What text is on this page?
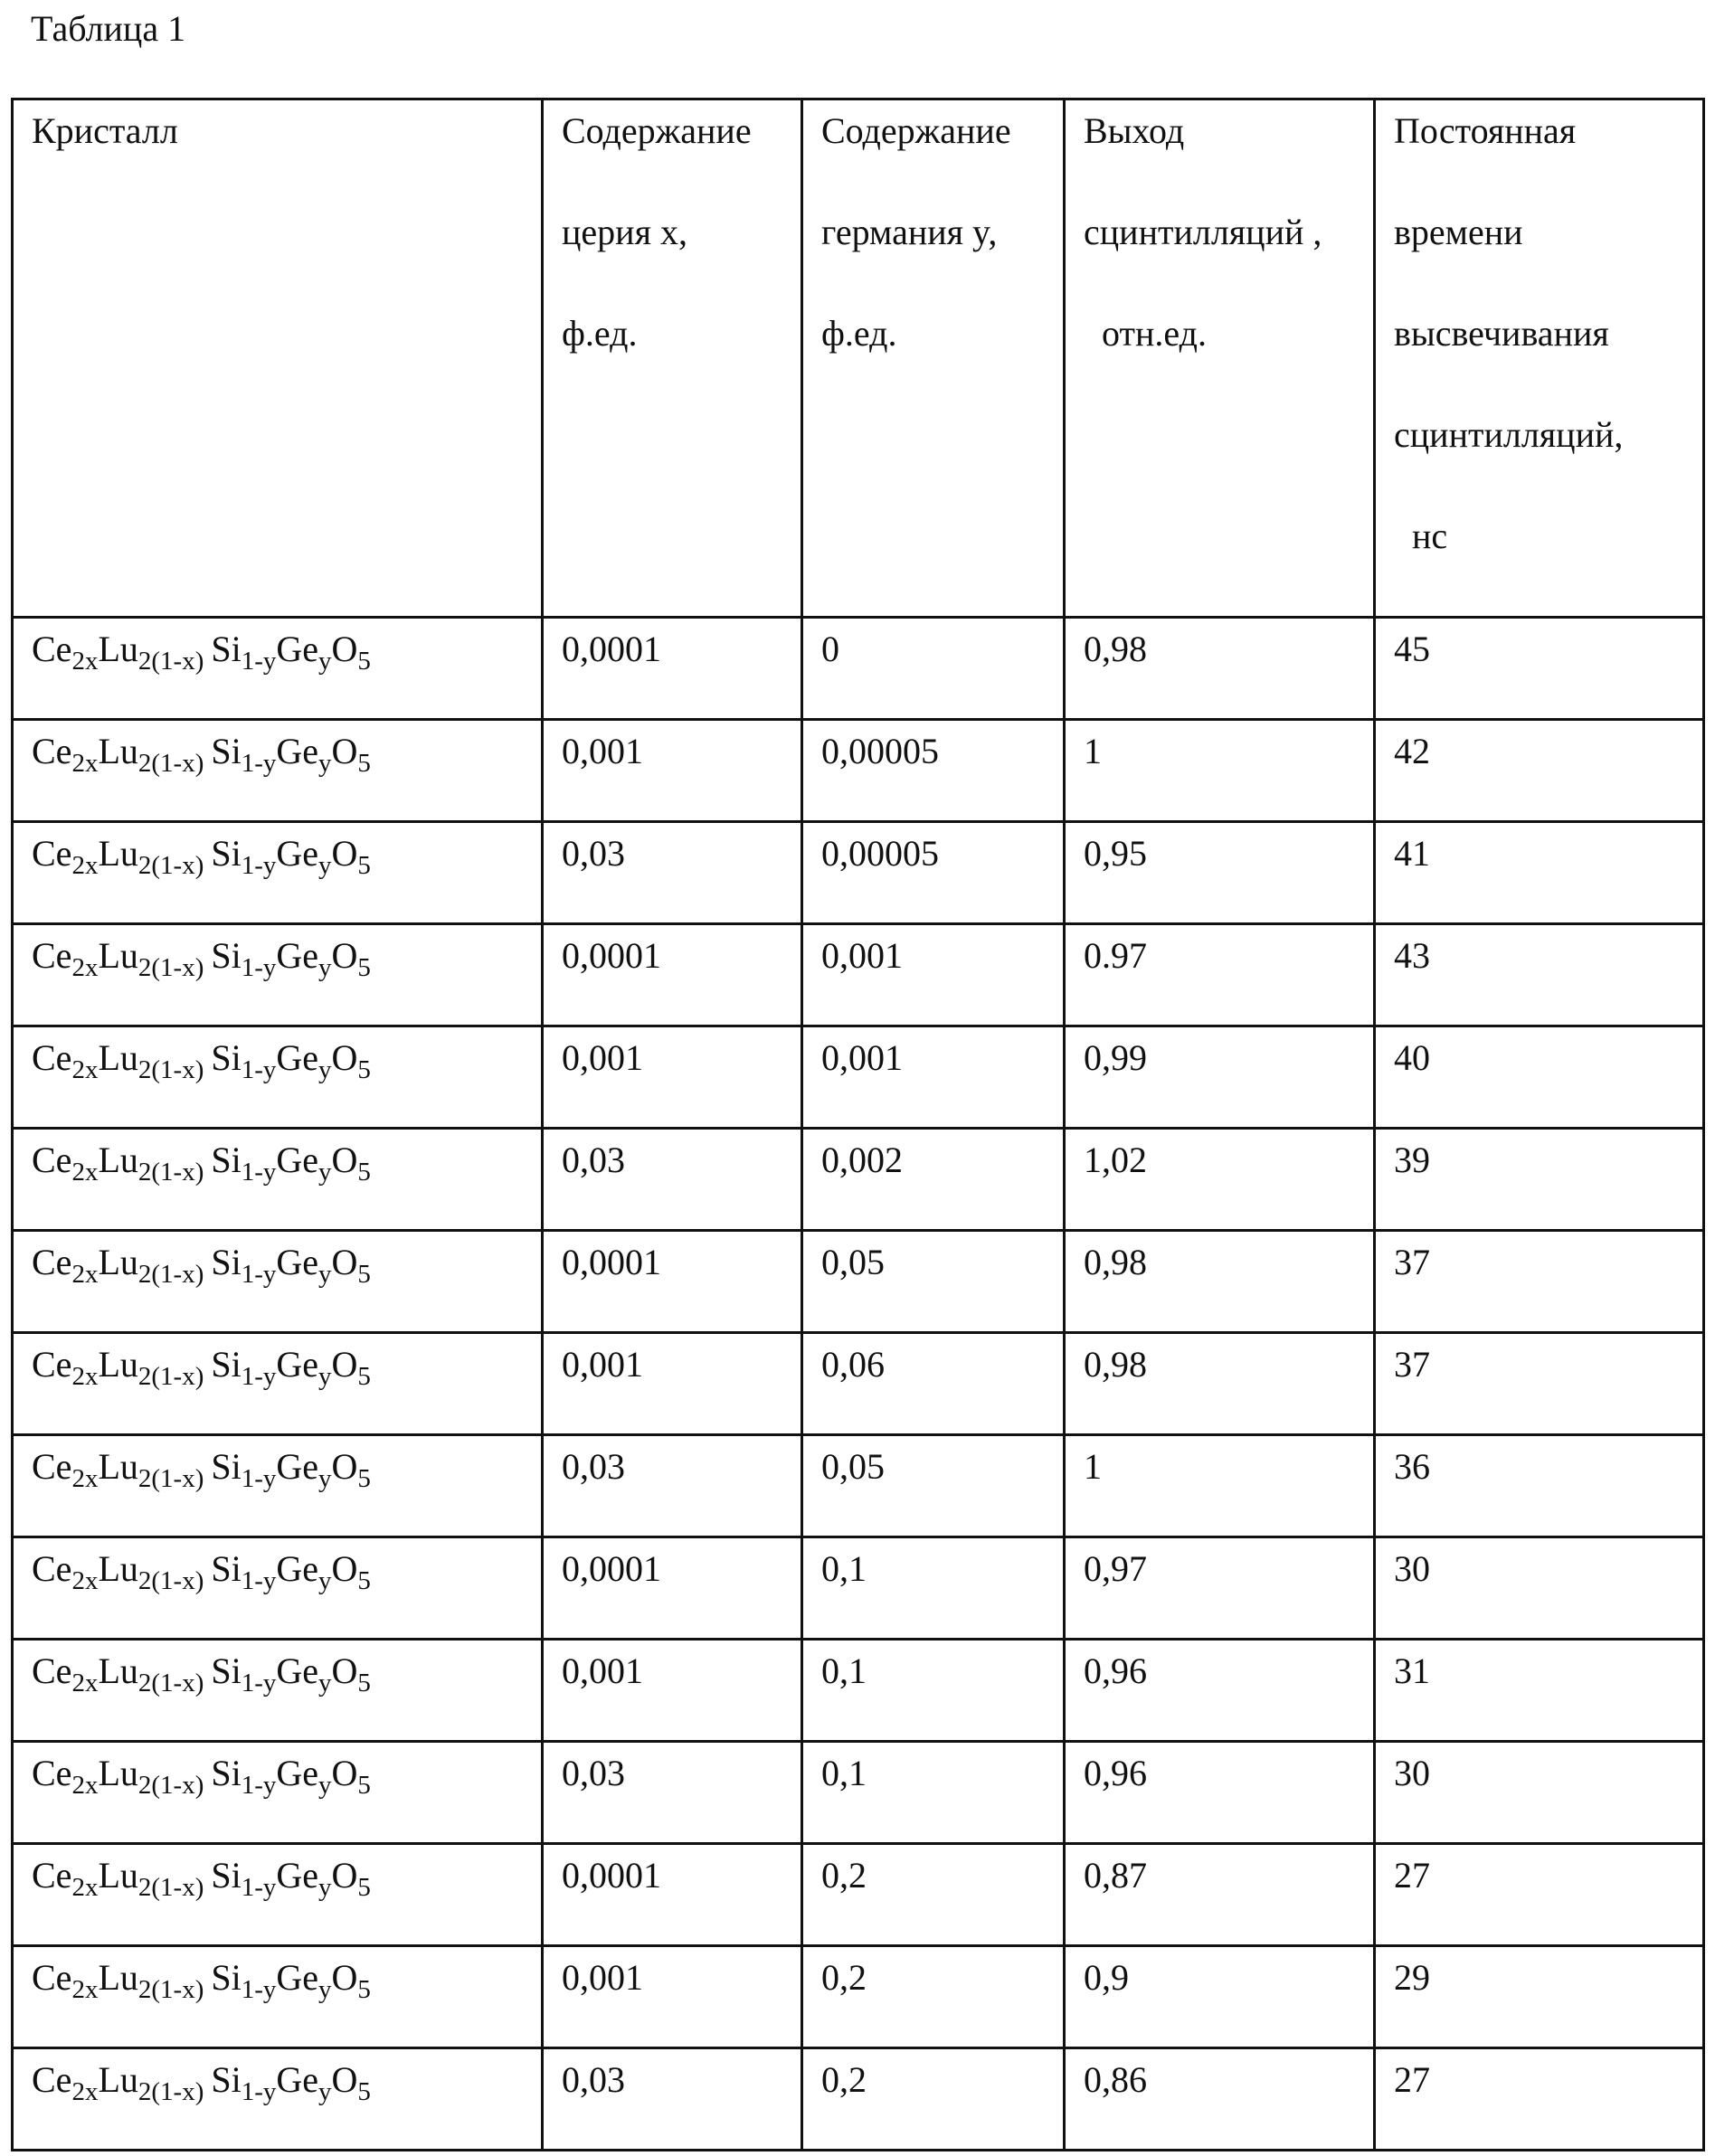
Таблица 1
Кристалл	Содержание
церия x,
ф.ед.

Содержание
германия y,
ф.ед.

Выход
сцинтилляций ,
отн.ед.

Постоянная
времени
высвечивания
сцинтилляций,
нс

Ce2xLu2(1-x) Si1-yGeyO5	0,0001	0	0,98	45

Ce2xLu2(1-x) Si1-yGeyO5	0,001	0,00005	1	42

Ce2xLu2(1-x) Si1-yGeyO5	0,03	0,00005	0,95	41

Ce2xLu2(1-x) Si1-yGeyO5	0,0001	0,001	0.97	43

Ce2xLu2(1-x) Si1-yGeyO5	0,001	0,001	0,99	40

Ce2xLu2(1-x) Si1-yGeyO5	0,03	0,002	1,02	39

Ce2xLu2(1-x) Si1-yGeyO5	0,0001	0,05	0,98	37

Ce2xLu2(1-x) Si1-yGeyO5	0,001	0,06	0,98	37

Ce2xLu2(1-x) Si1-yGeyO5	0,03	0,05	1	36

Ce2xLu2(1-x) Si1-yGeyO5	0,0001	0,1	0,97	30

Ce2xLu2(1-x) Si1-yGeyO5	0,001	0,1	0,96	31

Ce2xLu2(1-x) Si1-yGeyO5	0,03	0,1	0,96	30

Ce2xLu2(1-x) Si1-yGeyO5	0,0001	0,2	0,87	27

Ce2xLu2(1-x) Si1-yGeyO5	0,001	0,2	0,9	29

Ce2xLu2(1-x) Si1-yGeyO5	0,03	0,2	0,86	27
